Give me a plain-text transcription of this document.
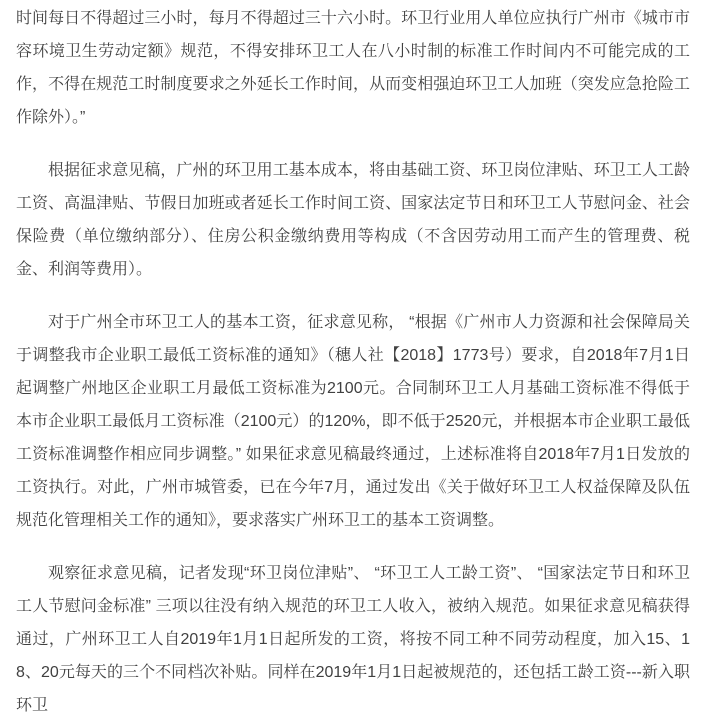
时间每日不得超过三小时，每月不得超过三十六小时。环卫行业用人单位应执行广州市《城市市容环境卫生劳动定额》规范，不得安排环卫工人在八小时制的标准工作时间内不可能完成的工作，不得在规范工时制度要求之外延长工作时间，从而变相强迫环卫工人加班（突发应急抢险工作除外）。”

根据征求意见稿，广州的环卫用工基本成本，将由基础工资、环卫岗位津贴、环卫工人工龄工资、高温津贴、节假日加班或者延长工作时间工资、国家法定节日和环卫工人节慰问金、社会保险费（单位缴纳部分）、住房公积金缴纳费用等构成（不含因劳动用工而产生的管理费、税金、利润等费用）。

对于广州全市环卫工人的基本工资，征求意见称， “根据《广州市人力资源和社会保障局关于调整我市企业职工最低工资标准的通知》（穗人社【2018】1773号）要求，自2018年7月1日起调整广州地区企业职工月最低工资标准为2100元。合同制环卫工人月基础工资标准不得低于本市企业职工最低月工资标准（2100元）的120%，即不低于2520元，并根据本市企业职工最低工资标准调整作相应同步调整。” 如果征求意见稿最终通过，上述标准将自2018年7月1日发放的工资执行。对此，广州市城管委，已在今年7月，通过发出《关于做好环卫工人权益保障及队伍规范化管理相关工作的通知》，要求落实广州环卫工的基本工资调整。

观察征求意见稿，记者发现“环卫岗位津贴”、 “环卫工人工龄工资”、 “国家法定节日和环卫工人节慰问金标准” 三项以往没有纳入规范的环卫工人收入，被纳入规范。如果征求意见稿获得通过，广州环卫工人自2019年1月1日起所发的工资，将按不同工种不同劳动程度，加入15、18、20元每天的三个不同档次补贴。同样在2019年1月1日起被规范的，还包括工龄工资---新入职环卫
